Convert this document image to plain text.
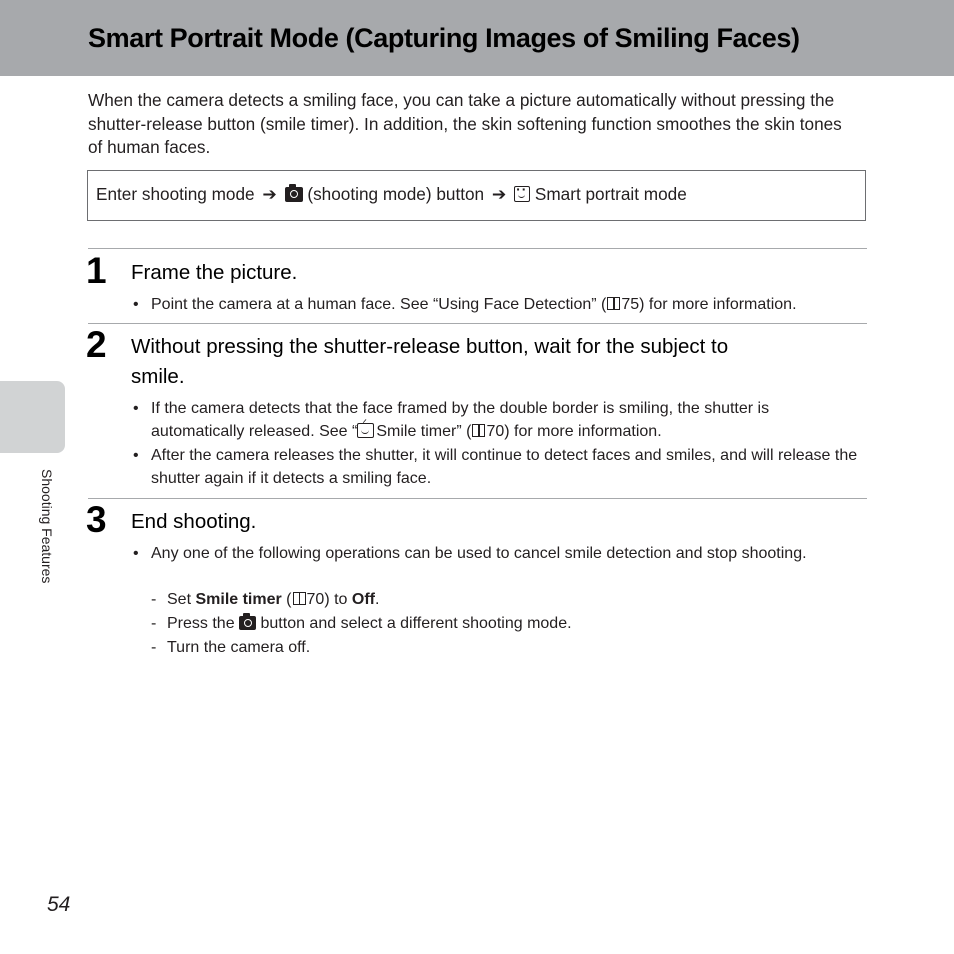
Smart Portrait Mode (Capturing Images of Smiling Faces)

When the camera detects a smiling face, you can take a picture automatically without pressing the shutter-release button (smile timer). In addition, the skin softening function smoothes the skin tones of human faces.

Enter shooting mode ➔ (shooting mode) button ➔ ·· Smart portrait mode
1 Frame the picture.

• Point the camera at a human face. See “Using Face Detection” ( 75) for more information.

2 Without pressing the shutter-release button, wait for the subject to
smile.

• If the camera detects that the face framed by the double border is smiling, the shutter is
automatically released. See “ ᐟ Smile timer” ( 70) for more information.

• After the camera releases the shutter, it will continue to detect faces and smiles, and will release the shutter again if it detects a smiling face.

3 End shooting.

• Any one of the following operations can be used to cancel smile detection and stop shooting.

- Set Smile timer ( 70) to Off.
- Press the button and select a different shooting mode.
- Turn the camera off.
Shooting Features
54
